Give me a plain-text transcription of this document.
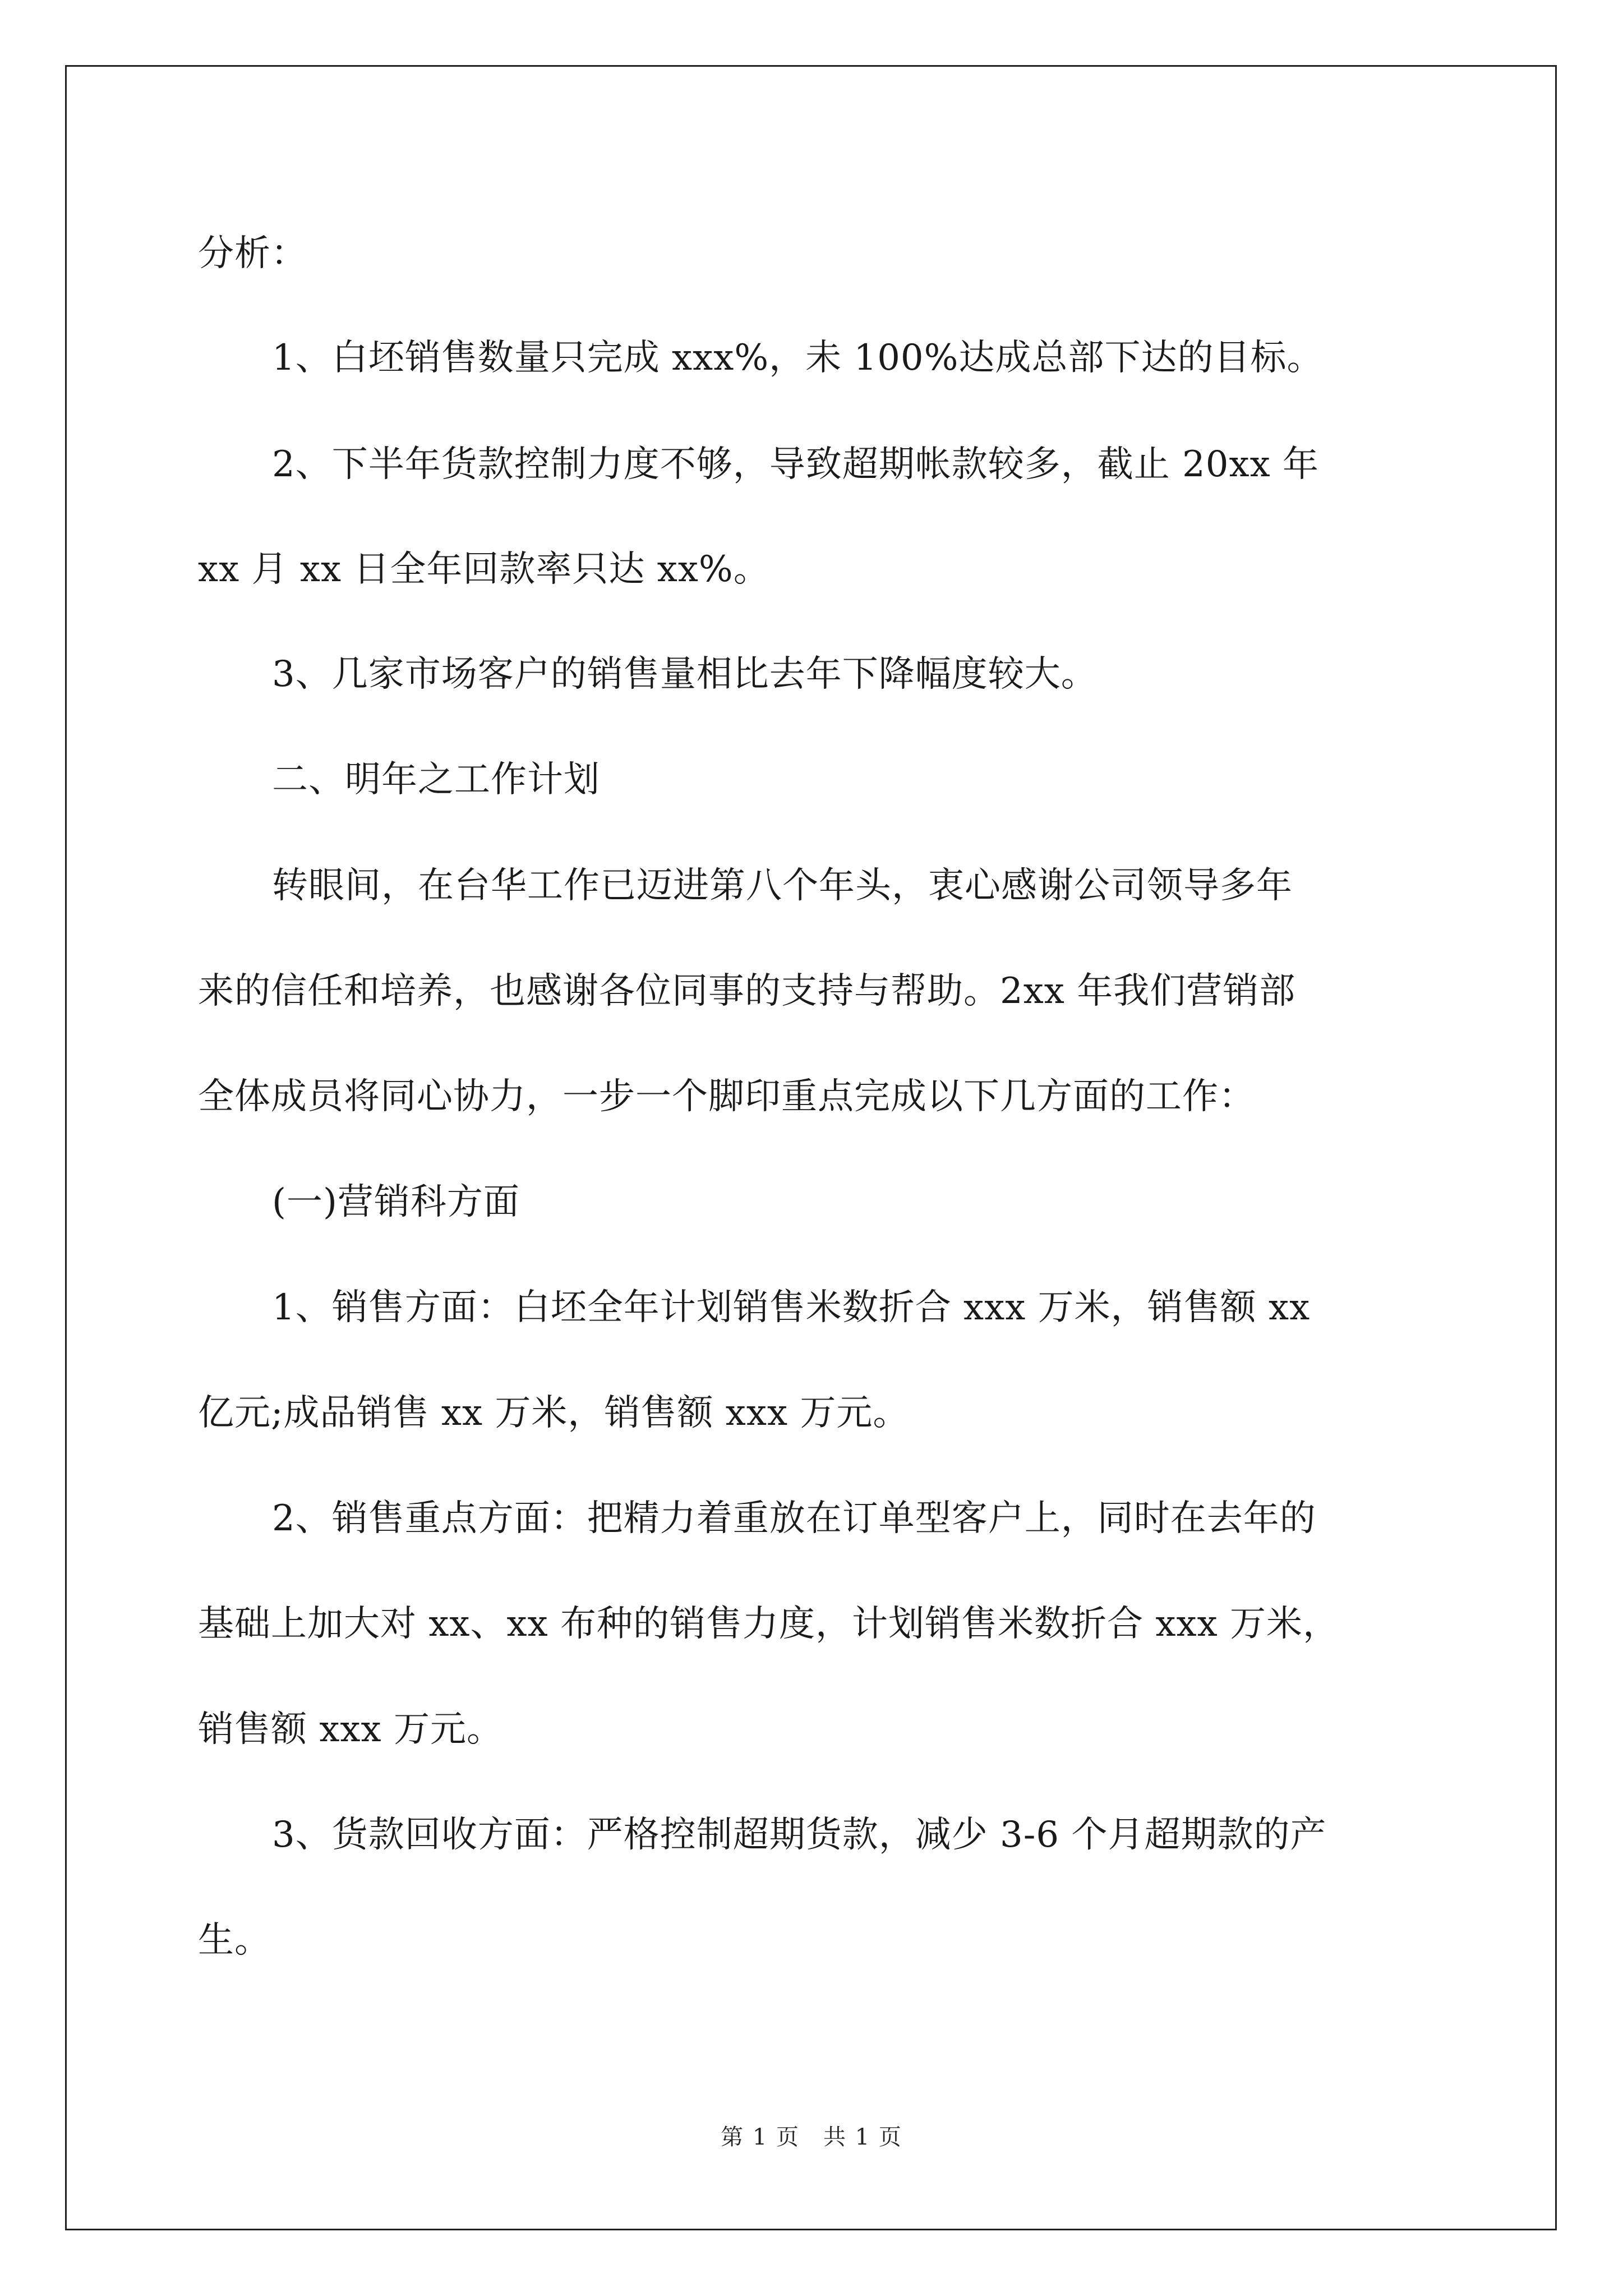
分析：
1、白坯销售数量只完成 xxx%，未 100%达成总部下达的目标。
2、下半年货款控制力度不够，导致超期帐款较多，截止 20xx 年
xx 月 xx 日全年回款率只达 xx%。
3、几家市场客户的销售量相比去年下降幅度较大。
二、明年之工作计划
转眼间，在台华工作已迈进第八个年头，衷心感谢公司领导多年
来的信任和培养，也感谢各位同事的支持与帮助。2xx 年我们营销部
全体成员将同心协力，一步一个脚印重点完成以下几方面的工作：
(一)营销科方面
1、销售方面：白坯全年计划销售米数折合 xxx 万米，销售额 xx
亿元;成品销售 xx 万米，销售额 xxx 万元。
2、销售重点方面：把精力着重放在订单型客户上，同时在去年的
基础上加大对 xx、xx 布种的销售力度，计划销售米数折合 xxx 万米，
销售额 xxx 万元。
3、货款回收方面：严格控制超期货款，减少 3-6 个月超期款的产
生。
第 1 页　共 1 页
